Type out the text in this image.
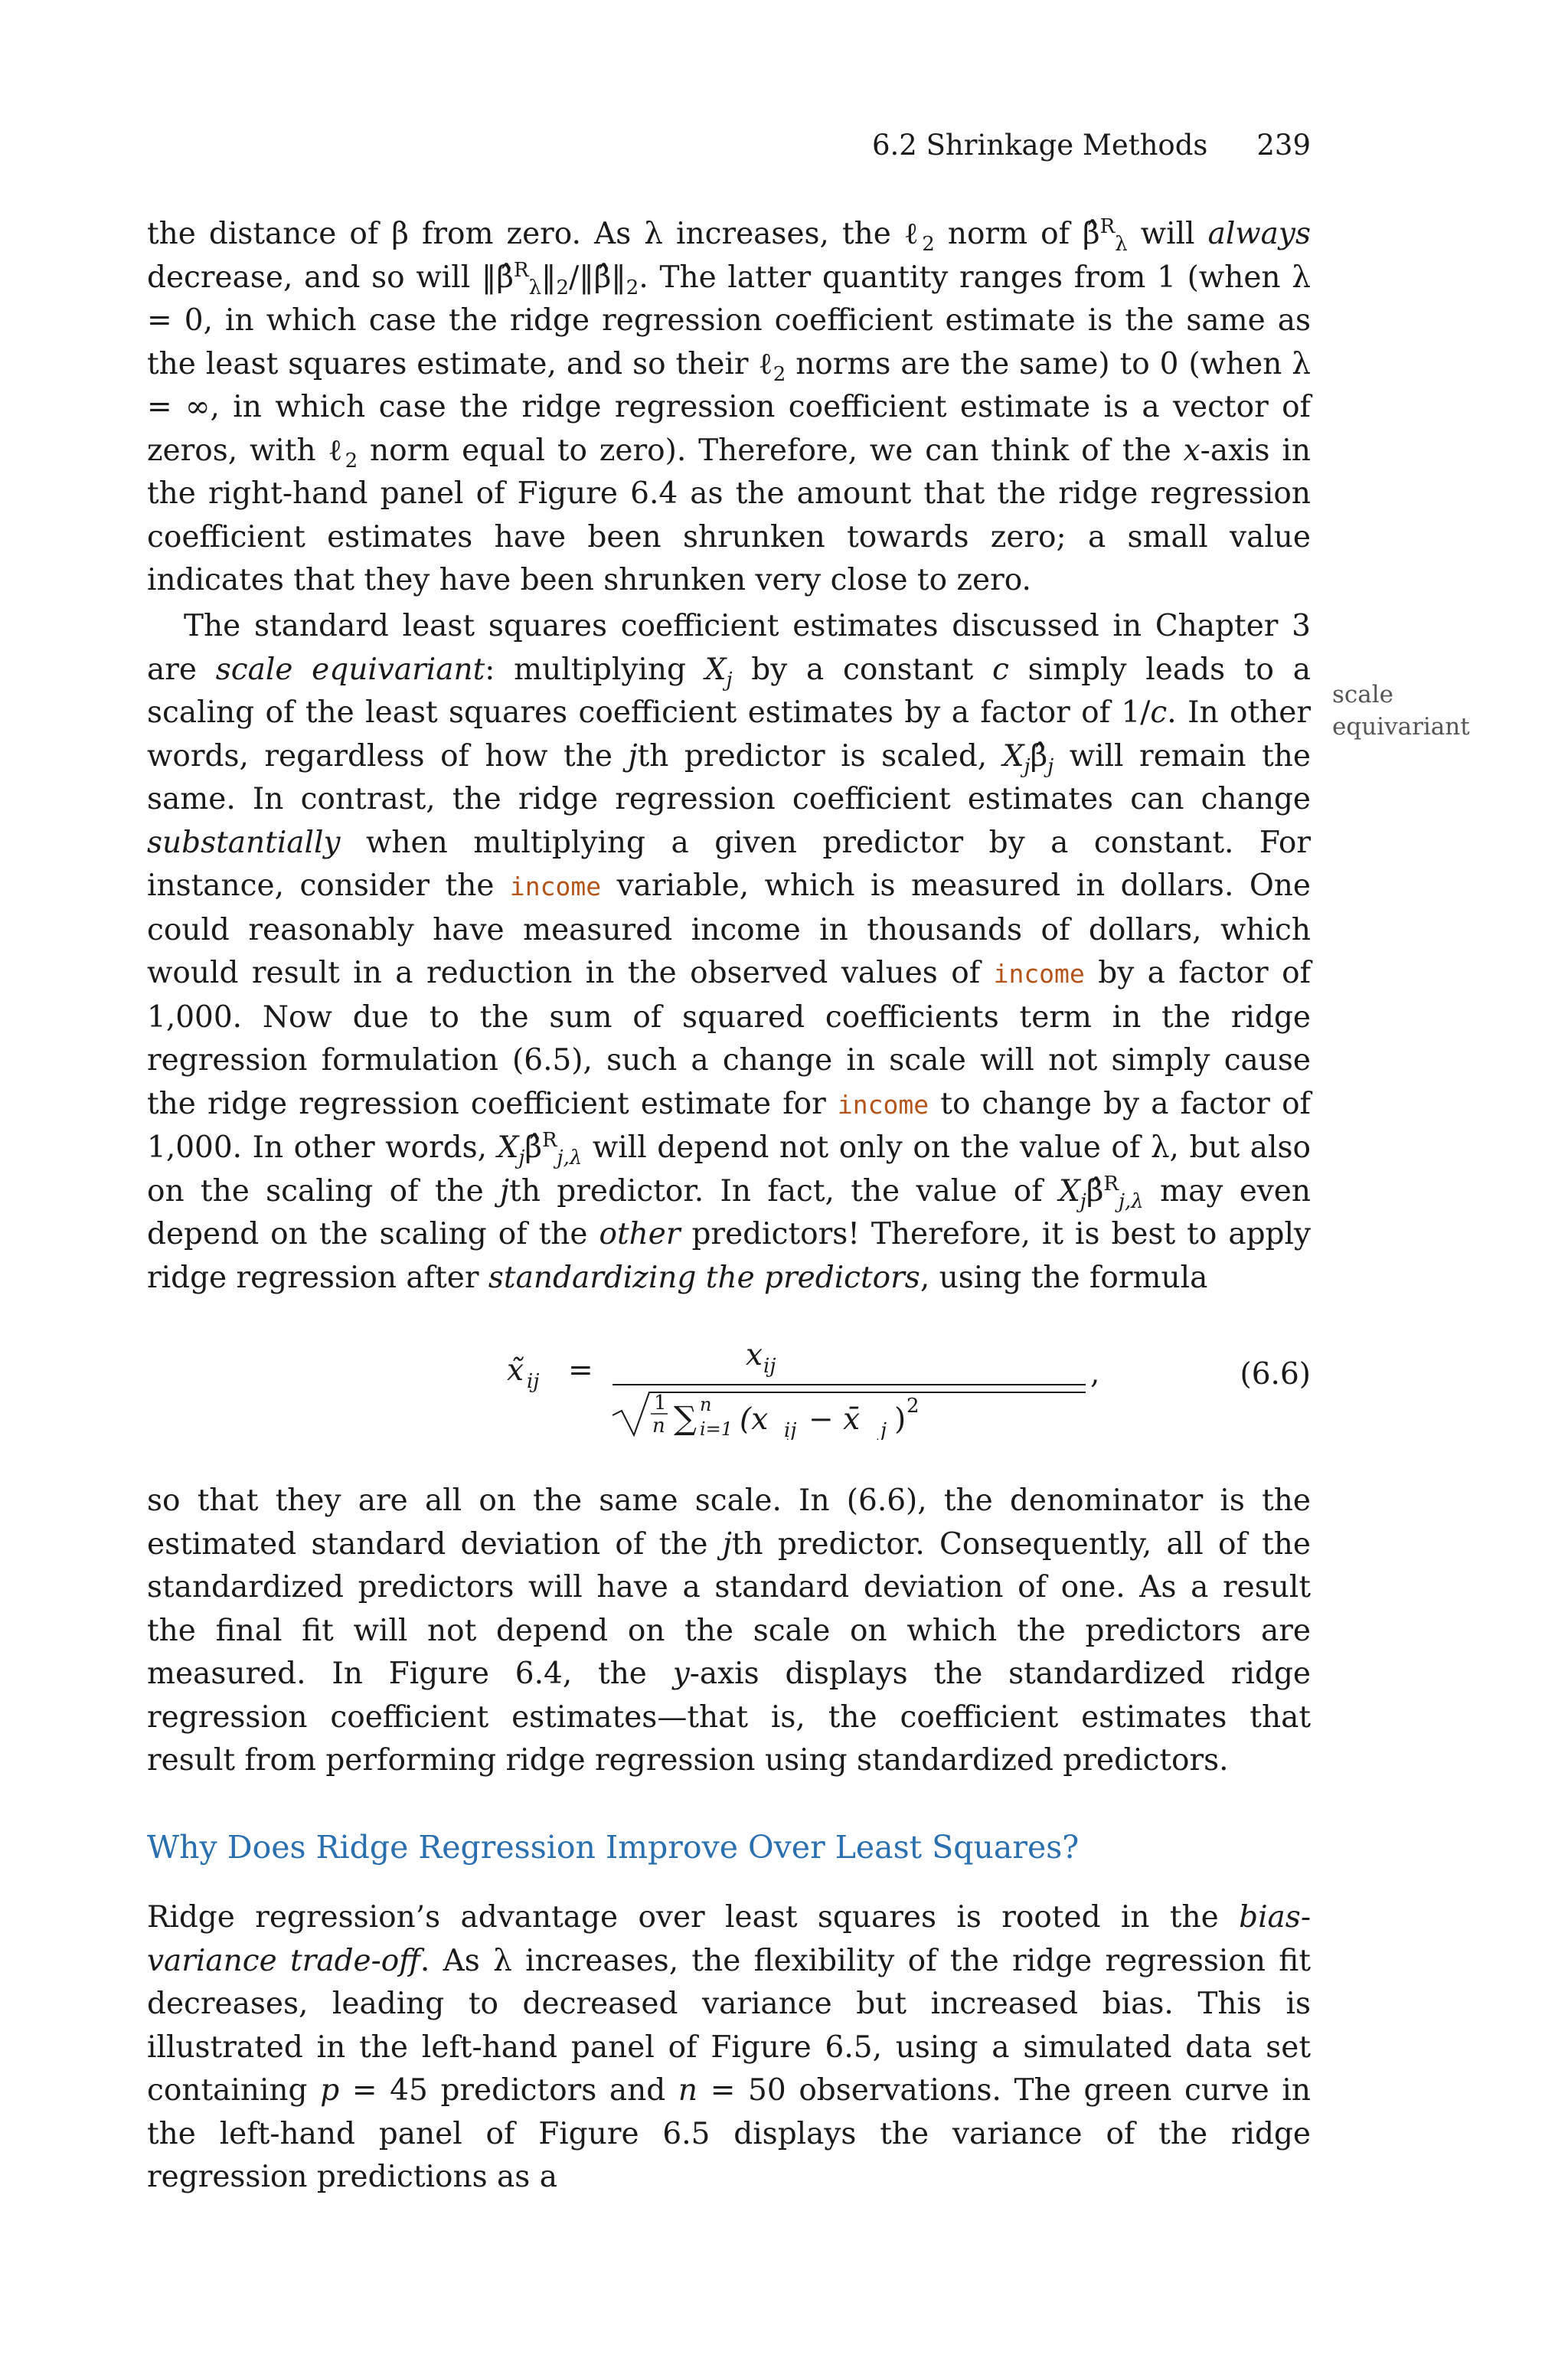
6.2 Shrinkage Methods 239

the distance of β from zero. As λ increases, the ℓ$_2$ norm of β̂$^R_\lambda$ will always decrease, and so will $‖\betâ^R_\lambda‖_2/‖\betâ‖_2$. The latter quantity ranges from 1 (when λ = 0, in which case the ridge regression coefficient estimate is the same as the least squares estimate, and so their ℓ$_2$ norms are the same) to 0 (when λ = ∞, in which case the ridge regression coefficient estimate is a vector of zeros, with ℓ$_2$ norm equal to zero). Therefore, we can think of the x-axis in the right-hand panel of Figure 6.4 as the amount that the ridge regression coefficient estimates have been shrunken towards zero; a small value indicates that they have been shrunken very close to zero.

The standard least squares coefficient estimates discussed in Chapter 3 are scale equivariant: multiplying $X_j$ by a constant c simply leads to a scaling of the least squares coefficient estimates by a factor of 1/c. In other words, regardless of how the jth predictor is scaled, $X_j\betâ_j$ will remain the same. In contrast, the ridge regression coefficient estimates can change substantially when multiplying a given predictor by a constant. For instance, consider the income variable, which is measured in dollars. One could reasonably have measured income in thousands of dollars, which would result in a reduction in the observed values of income by a factor of 1,000. Now due to the sum of squared coefficients term in the ridge regression formulation (6.5), such a change in scale will not simply cause the ridge regression coefficient estimate for income to change by a factor of 1,000. In other words, $X_j\betâ^R_{j,\lambda}$ will depend not only on the value of λ, but also on the scaling of the jth predictor. In fact, the value of $X_j\betâ^R_{j,\lambda}$ may even depend on the scaling of the other predictors! Therefore, it is best to apply ridge regression after standardizing the predictors, using the formula

scale
equivariant
x̃ ij =	x ij
1
n ∑ n
i=1 (x ij − x̄ j ) 2
,	(6.6)

so that they are all on the same scale. In (6.6), the denominator is the estimated standard deviation of the jth predictor. Consequently, all of the standardized predictors will have a standard deviation of one. As a result the final fit will not depend on the scale on which the predictors are measured. In Figure 6.4, the y-axis displays the standardized ridge regression coefficient estimates—that is, the coefficient estimates that result from performing ridge regression using standardized predictors.

Why Does Ridge Regression Improve Over Least Squares?

Ridge regression’s advantage over least squares is rooted in the bias-variance trade-off. As λ increases, the flexibility of the ridge regression fit decreases, leading to decreased variance but increased bias. This is illustrated in the left-hand panel of Figure 6.5, using a simulated data set containing p = 45 predictors and n = 50 observations. The green curve in the left-hand panel of Figure 6.5 displays the variance of the ridge regression predictions as a
